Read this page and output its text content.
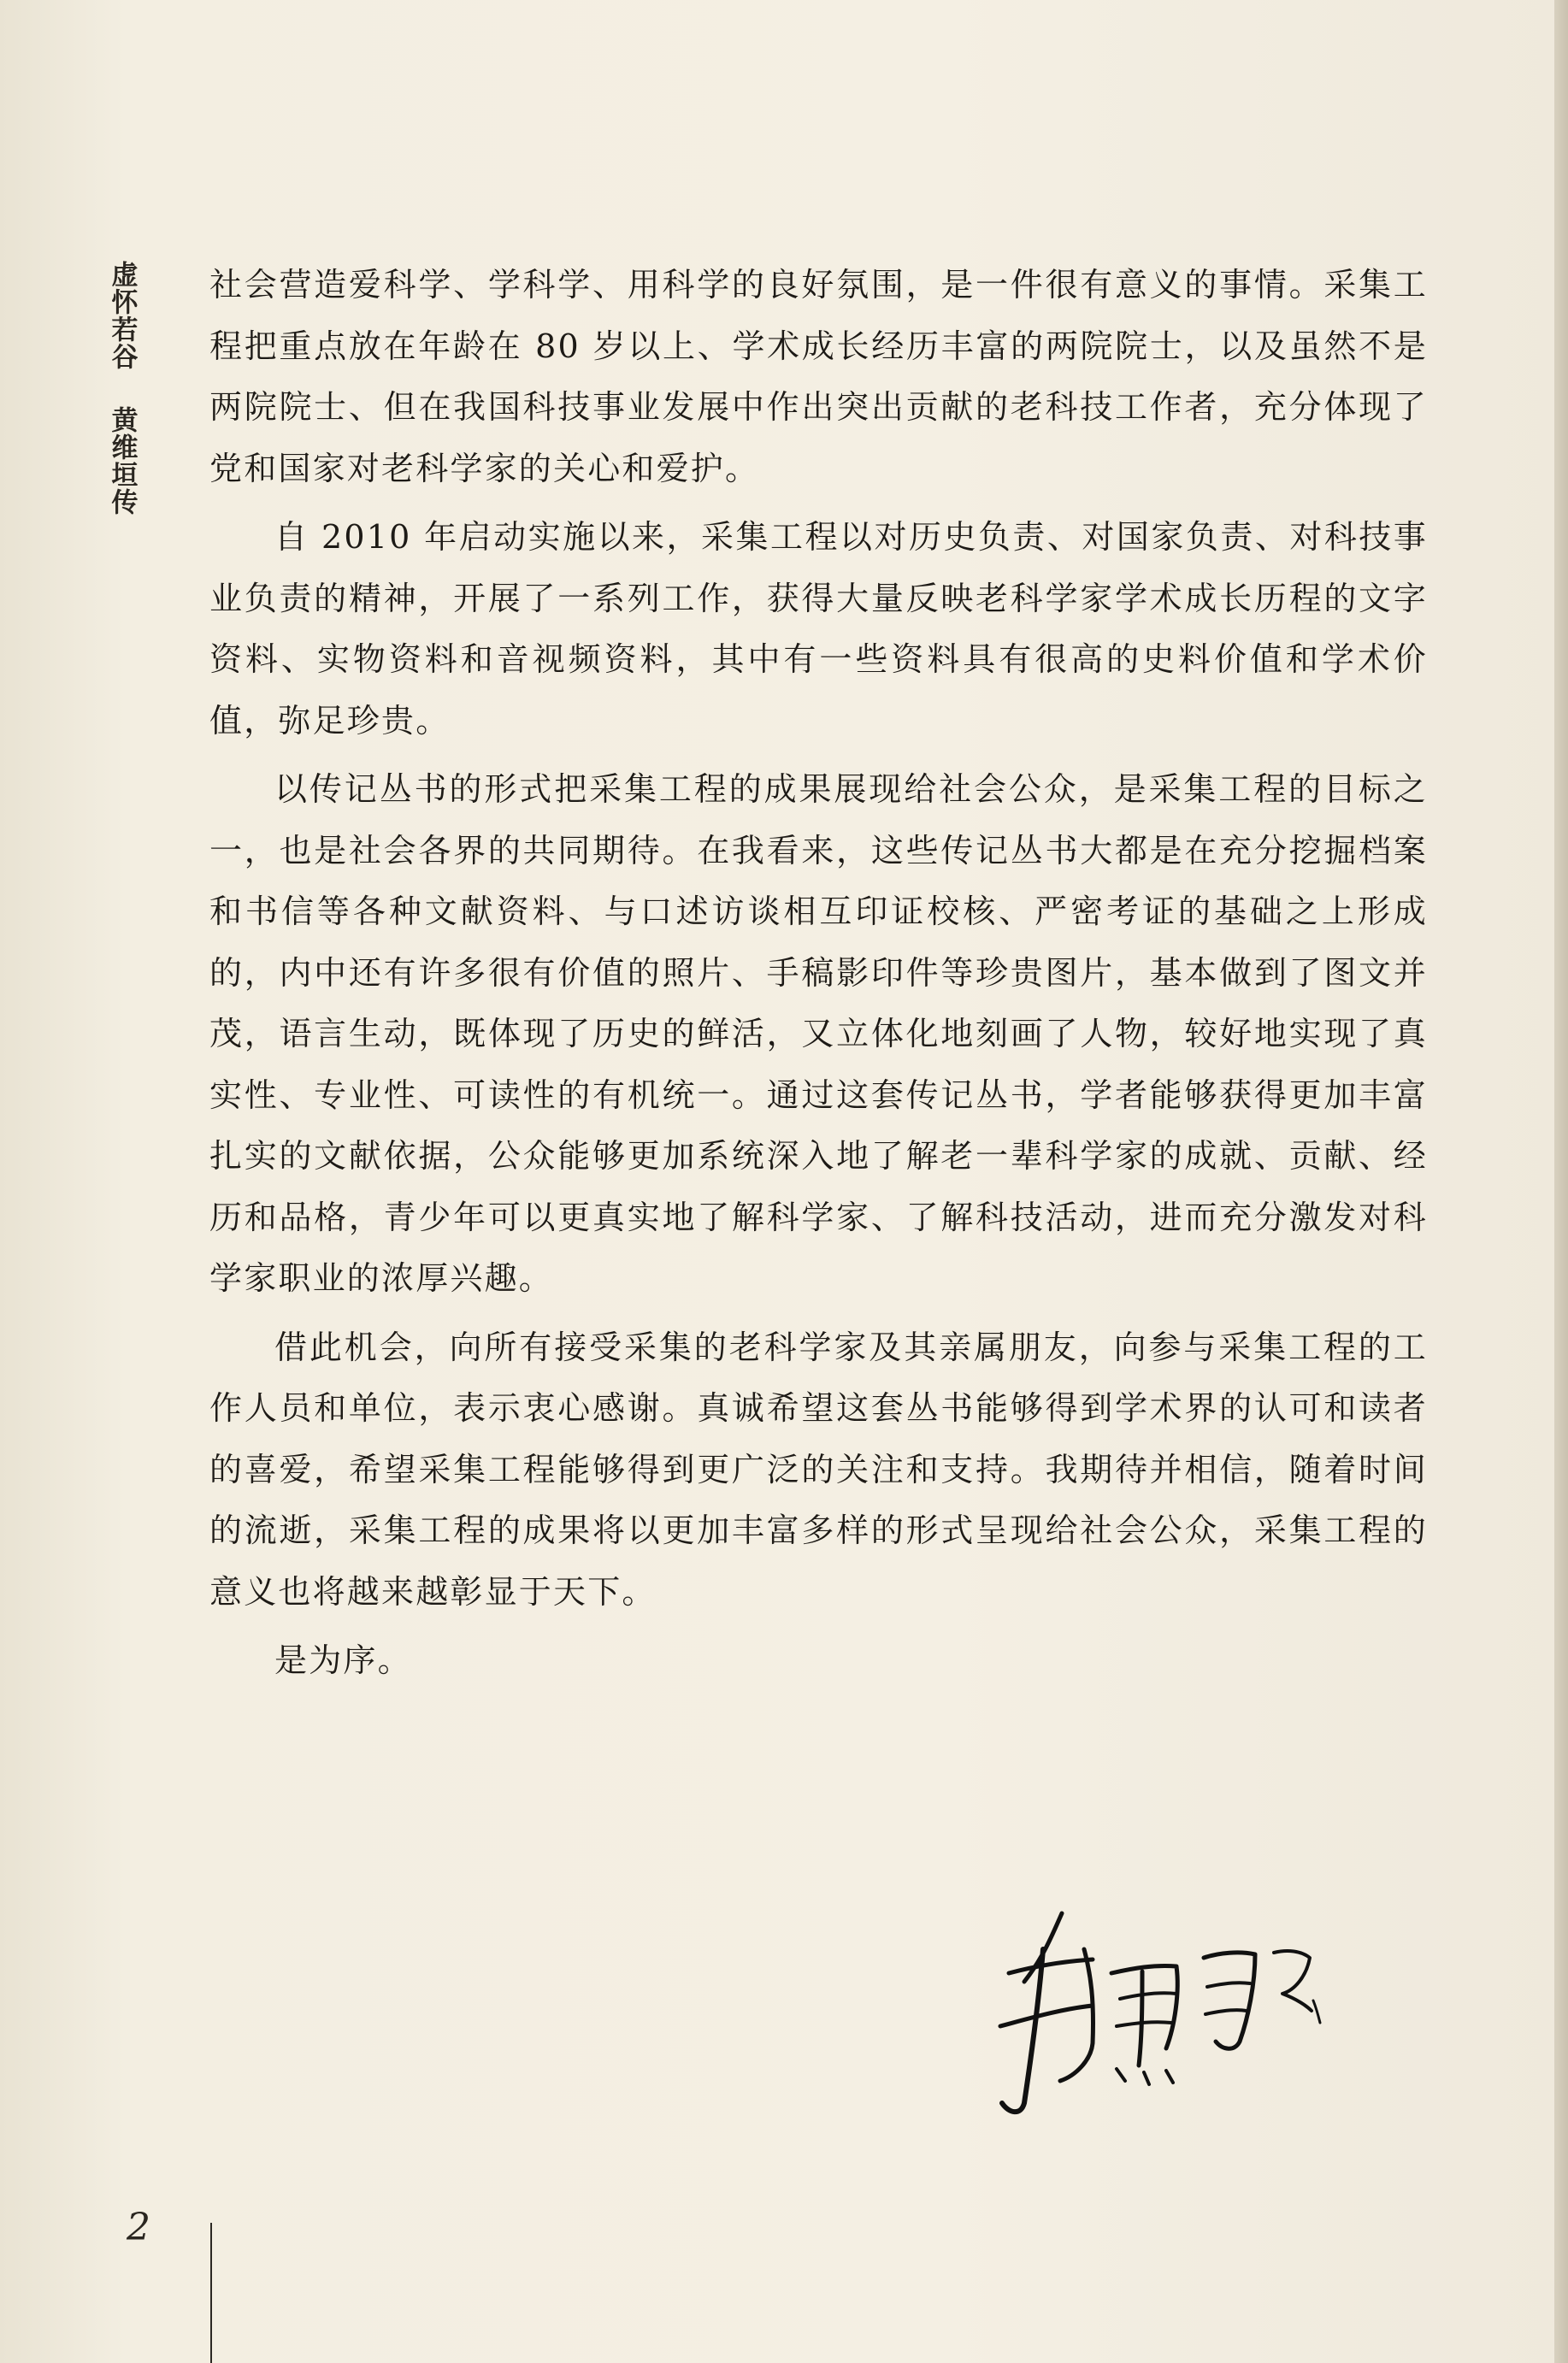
虚怀若谷
黄维垣传

社会营造爱科学、学科学、用科学的良好氛围，是一件很有意义的事情。采集工程把重点放在年龄在 80 岁以上、学术成长经历丰富的两院院士，以及虽然不是两院院士、但在我国科技事业发展中作出突出贡献的老科技工作者，充分体现了党和国家对老科学家的关心和爱护。

自 2010 年启动实施以来，采集工程以对历史负责、对国家负责、对科技事业负责的精神，开展了一系列工作，获得大量反映老科学家学术成长历程的文字资料、实物资料和音视频资料，其中有一些资料具有很高的史料价值和学术价值，弥足珍贵。

以传记丛书的形式把采集工程的成果展现给社会公众，是采集工程的目标之一，也是社会各界的共同期待。在我看来，这些传记丛书大都是在充分挖掘档案和书信等各种文献资料、与口述访谈相互印证校核、严密考证的基础之上形成的，内中还有许多很有价值的照片、手稿影印件等珍贵图片，基本做到了图文并茂，语言生动，既体现了历史的鲜活，又立体化地刻画了人物，较好地实现了真实性、专业性、可读性的有机统一。通过这套传记丛书，学者能够获得更加丰富扎实的文献依据，公众能够更加系统深入地了解老一辈科学家的成就、贡献、经历和品格，青少年可以更真实地了解科学家、了解科技活动，进而充分激发对科学家职业的浓厚兴趣。

借此机会，向所有接受采集的老科学家及其亲属朋友，向参与采集工程的工作人员和单位，表示衷心感谢。真诚希望这套丛书能够得到学术界的认可和读者的喜爱，希望采集工程能够得到更广泛的关注和支持。我期待并相信，随着时间的流逝，采集工程的成果将以更加丰富多样的形式呈现给社会公众，采集工程的意义也将越来越彰显于天下。

是为序。

2
